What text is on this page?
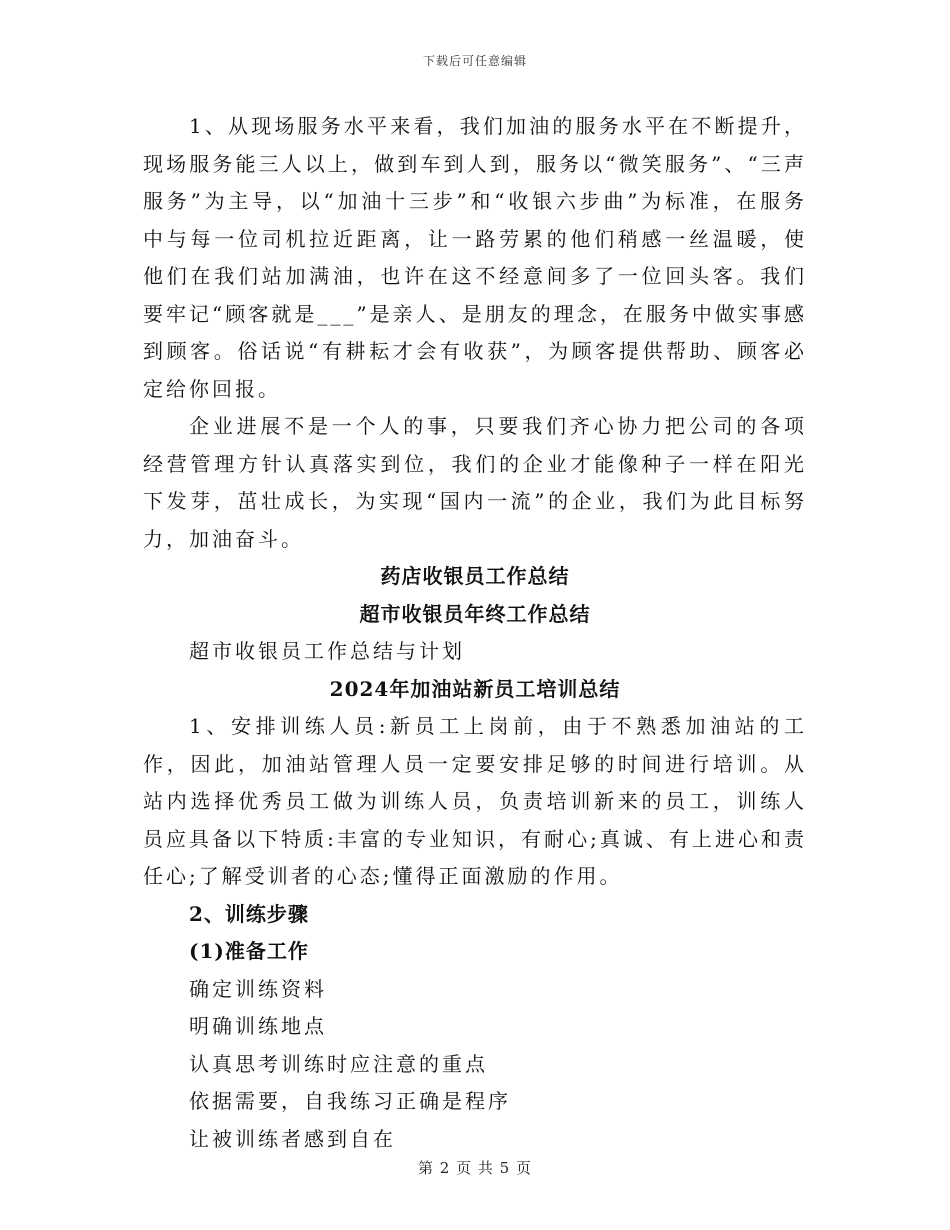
下载后可任意编辑

1、从现场服务水平来看，我们加油的服务水平在不断提升，现场服务能三人以上，做到车到人到，服务以“微笑服务”、“三声服务”为主导，以“加油十三步”和“收银六步曲”为标准，在服务中与每一位司机拉近距离，让一路劳累的他们稍感一丝温暖，使他们在我们站加满油，也许在这不经意间多了一位回头客。我们要牢记“顾客就是___”是亲人、是朋友的理念，在服务中做实事感到顾客。俗话说“有耕耘才会有收获”，为顾客提供帮助、顾客必定给你回报。

企业进展不是一个人的事，只要我们齐心协力把公司的各项经营管理方针认真落实到位，我们的企业才能像种子一样在阳光下发芽，茁壮成长，为实现“国内一流”的企业，我们为此目标努力，加油奋斗。

药店收银员工作总结

超市收银员年终工作总结

超市收银员工作总结与计划

2024年加油站新员工培训总结

1、安排训练人员:新员工上岗前，由于不熟悉加油站的工作，因此，加油站管理人员一定要安排足够的时间进行培训。从站内选择优秀员工做为训练人员，负责培训新来的员工，训练人员应具备以下特质:丰富的专业知识，有耐心;真诚、有上进心和责任心;了解受训者的心态;懂得正面激励的作用。

2、训练步骤

(1)准备工作

确定训练资料

明确训练地点

认真思考训练时应注意的重点

依据需要，自我练习正确是程序

让被训练者感到自在

第 2 页 共 5 页
